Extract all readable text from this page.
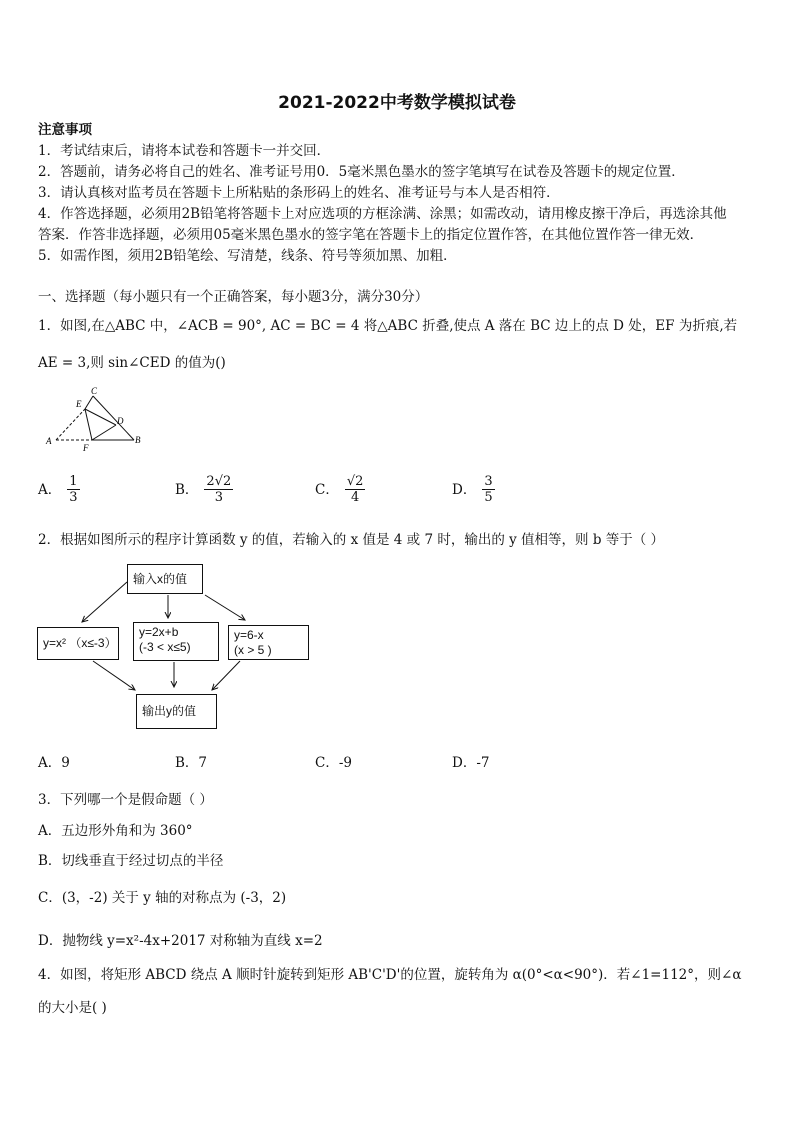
2021-2022中考数学模拟试卷
注意事项
1．考试结束后，请将本试卷和答题卡一并交回．
2．答题前，请务必将自己的姓名、准考证号用0．5毫米黑色墨水的签字笔填写在试卷及答题卡的规定位置．
3．请认真核对监考员在答题卡上所粘贴的条形码上的姓名、准考证号与本人是否相符．
4．作答选择题，必须用2B铅笔将答题卡上对应选项的方框涂满、涂黑；如需改动，请用橡皮擦干净后，再选涂其他
答案．作答非选择题，必须用05毫米黑色墨水的签字笔在答题卡上的指定位置作答，在其他位置作答一律无效．
5．如需作图，须用2B铅笔绘、写清楚，线条、符号等须加黑、加粗．
一、选择题（每小题只有一个正确答案，每小题3分，满分30分）
1．如图,在△ABC 中，∠ACB = 90°, AC = BC = 4 将△ABC 折叠,使点 A 落在 BC 边上的点 D 处，EF 为折痕,若
AE = 3,则 sin∠CED 的值为()
C
E
D
A
F
B
A． $\frac{1}{3}$	B． $\frac{2√2}{3}$	C． $\frac{√2}{4}$	D． $\frac{3}{5}$
2．根据如图所示的程序计算函数 y 的值，若输入的 x 值是 4 或 7 时，输出的 y 值相等，则 b 等于（ ）
输入x的值
y=x² （x≤-3）
y=2x+b
(-3 < x≤5)
y=6-x
(x > 5 )
输出y的值
A．9	B．7	C．-9	D．-7
3．下列哪一个是假命题（ ）
A．五边形外角和为 360°
B．切线垂直于经过切点的半径
C．(3，-2) 关于 y 轴的对称点为 (-3，2)
D．抛物线 y=x²-4x+2017 对称轴为直线 x=2
4．如图，将矩形 ABCD 绕点 A 顺时针旋转到矩形 AB'C'D'的位置，旋转角为 α(0°<α<90°)．若∠1=112°，则∠α
的大小是( )
